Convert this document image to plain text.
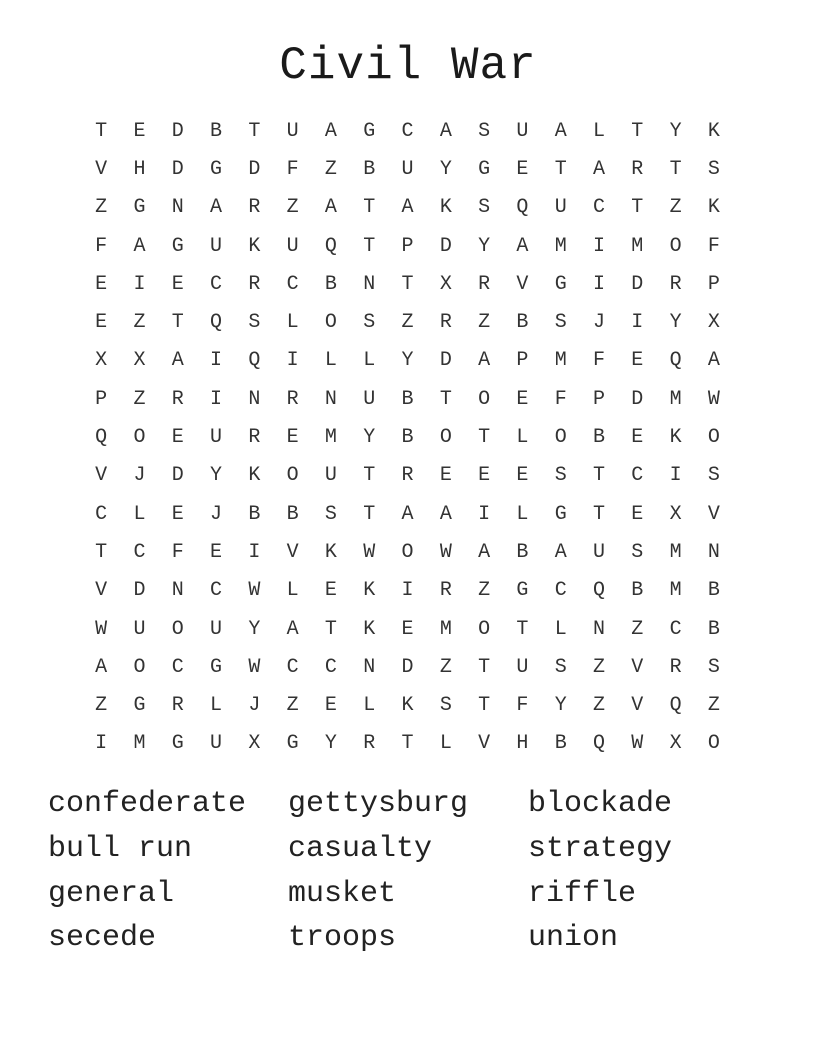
Civil War
T	E	D	B	T	U	A	G	C	A	S	U	A	L	T	Y	K
V	H	D	G	D	F	Z	B	U	Y	G	E	T	A	R	T	S
Z	G	N	A	R	Z	A	T	A	K	S	Q	U	C	T	Z	K
F	A	G	U	K	U	Q	T	P	D	Y	A	M	I	M	O	F
E	I	E	C	R	C	B	N	T	X	R	V	G	I	D	R	P
E	Z	T	Q	S	L	O	S	Z	R	Z	B	S	J	I	Y	X
X	X	A	I	Q	I	L	L	Y	D	A	P	M	F	E	Q	A
P	Z	R	I	N	R	N	U	B	T	O	E	F	P	D	M	W
Q	O	E	U	R	E	M	Y	B	O	T	L	O	B	E	K	O
V	J	D	Y	K	O	U	T	R	E	E	E	S	T	C	I	S
C	L	E	J	B	B	S	T	A	A	I	L	G	T	E	X	V
T	C	F	E	I	V	K	W	O	W	A	B	A	U	S	M	N
V	D	N	C	W	L	E	K	I	R	Z	G	C	Q	B	M	B
W	U	O	U	Y	A	T	K	E	M	O	T	L	N	Z	C	B
A	O	C	G	W	C	C	N	D	Z	T	U	S	Z	V	R	S
Z	G	R	L	J	Z	E	L	K	S	T	F	Y	Z	V	Q	Z
I	M	G	U	X	G	Y	R	T	L	V	H	B	Q	W	X	O
confederate	gettysburg	blockade
bull run	casualty	strategy
general	musket	riffle
secede	troops	union
